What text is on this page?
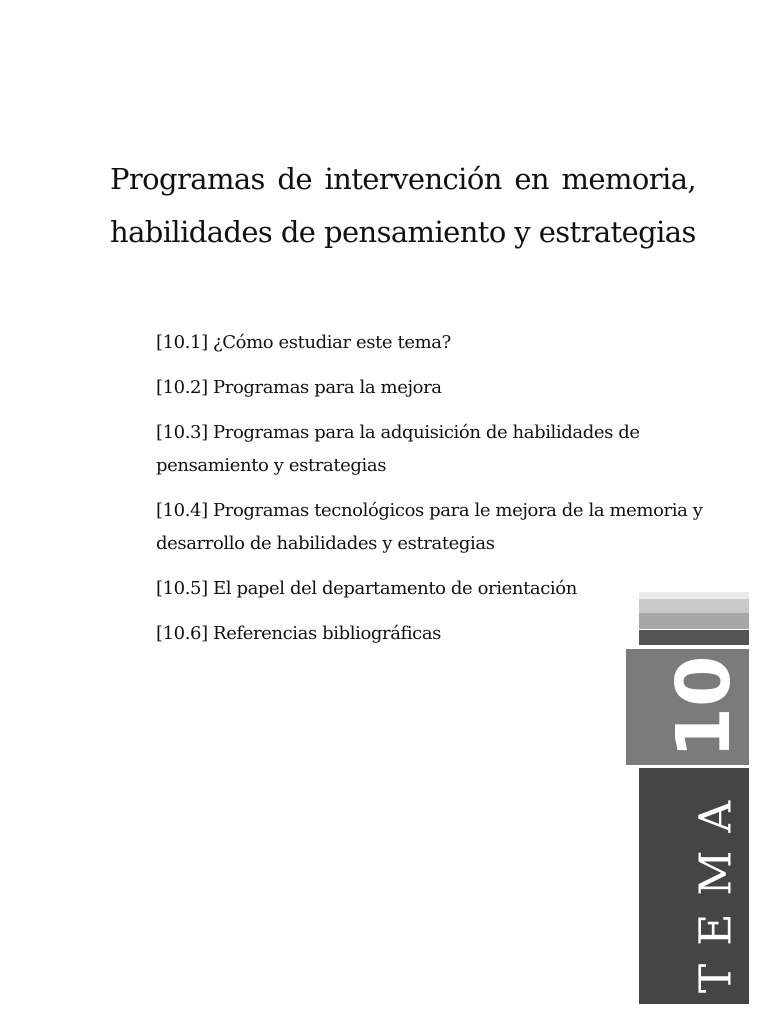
Programas de intervención en memoria, habilidades de pensamiento y estrategias
[10.1] ¿Cómo estudiar este tema?
[10.2] Programas para la mejora
[10.3] Programas para la adquisición de habilidades de pensamiento y estrategias
[10.4] Programas tecnológicos para le mejora de la memoria y desarrollo de habilidades y estrategias
[10.5] El papel del departamento de orientación
[10.6] Referencias bibliográficas
10
TEMA
